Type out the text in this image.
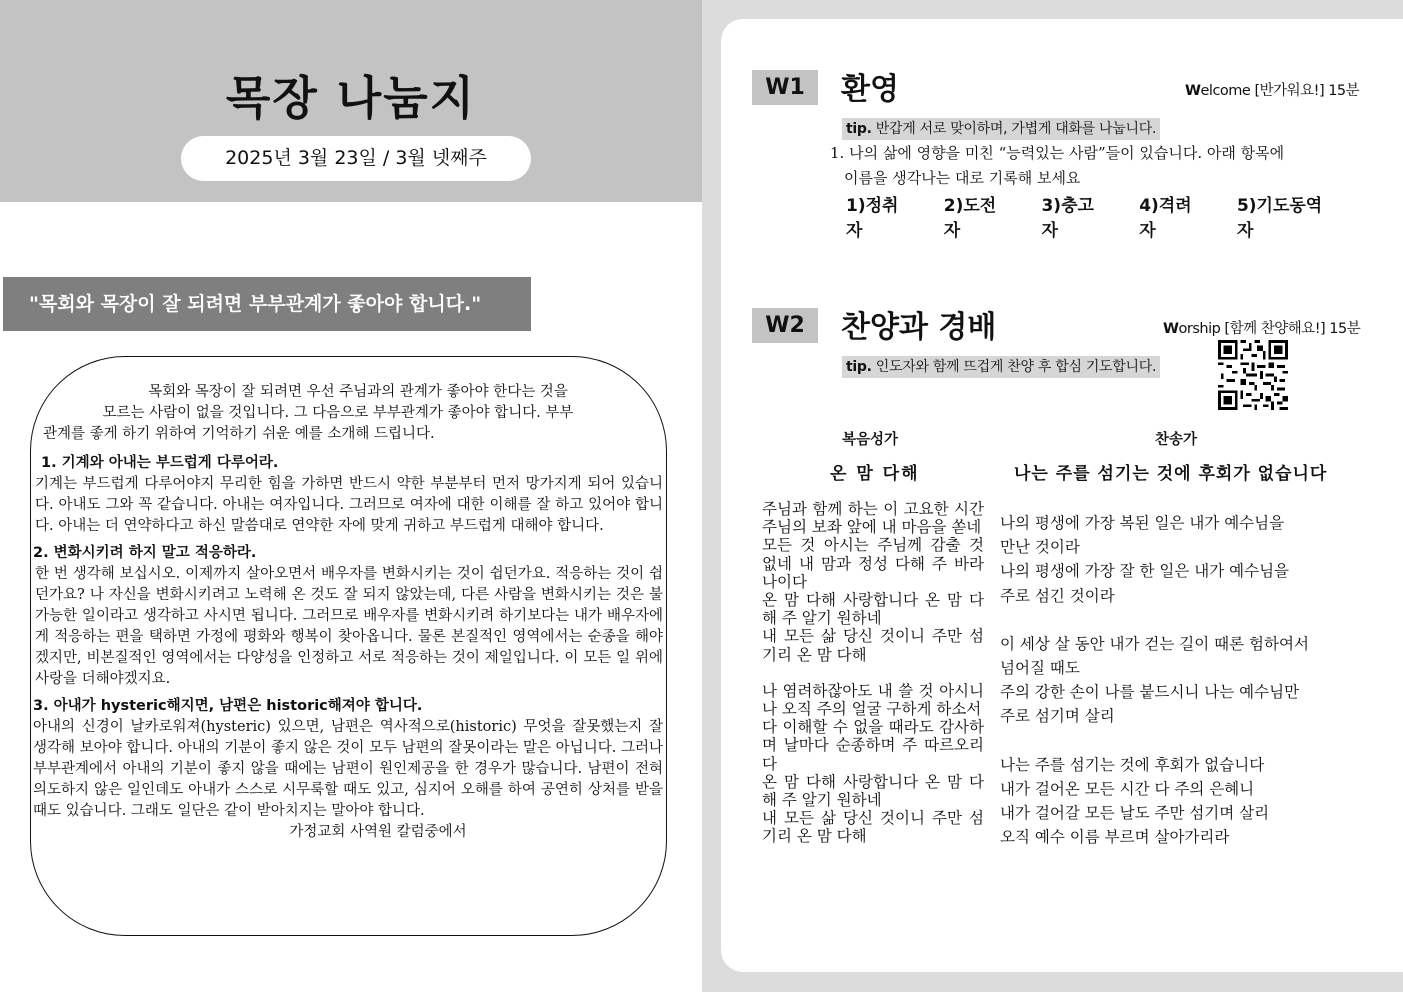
목장 나눔지
2025년 3월 23일 / 3월 넷째주
"목회와 목장이 잘 되려면 부부관계가 좋아야 합니다."
목회와 목장이 잘 되려면 우선 주님과의 관계가 좋아야 한다는 것을
모르는 사람이 없을 것입니다. 그 다음으로 부부관계가 좋아야 합니다. 부부
관계를 좋게 하기 위하여 기억하기 쉬운 예를 소개해 드립니다.
1. 기계와 아내는 부드럽게 다루어라.
기계는 부드럽게 다루어야지 무리한 힘을 가하면 반드시 약한 부분부터 먼저 망가지게 되어 있습니다. 아내도 그와 꼭 같습니다. 아내는 여자입니다. 그러므로 여자에 대한 이해를 잘 하고 있어야 합니다. 아내는 더 연약하다고 하신 말씀대로 연약한 자에 맞게 귀하고 부드럽게 대해야 합니다.
2. 변화시키려 하지 말고 적응하라.
한 번 생각해 보십시오. 이제까지 살아오면서 배우자를 변화시키는 것이 쉽던가요. 적응하는 것이 쉽던가요? 나 자신을 변화시키려고 노력해 온 것도 잘 되지 않았는데, 다른 사람을 변화시키는 것은 불가능한 일이라고 생각하고 사시면 됩니다. 그러므로 배우자를 변화시키려 하기보다는 내가 배우자에게 적응하는 편을 택하면 가정에 평화와 행복이 찾아옵니다. 물론 본질적인 영역에서는 순종을 해야겠지만, 비본질적인 영역에서는 다양성을 인정하고 서로 적응하는 것이 제일입니다. 이 모든 일 위에 사랑을 더해야겠지요.
3. 아내가 hysteric해지면, 남편은 historic해져야 합니다.
아내의 신경이 날카로워져(hysteric) 있으면, 남편은 역사적으로(historic) 무엇을 잘못했는지 잘 생각해 보아야 합니다. 아내의 기분이 좋지 않은 것이 모두 남편의 잘못이라는 말은 아닙니다. 그러나 부부관계에서 아내의 기분이 좋지 않을 때에는 남편이 원인제공을 한 경우가 많습니다. 남편이 전혀 의도하지 않은 일인데도 아내가 스스로 시무룩할 때도 있고, 심지어 오해를 하여 공연히 상처를 받을 때도 있습니다. 그래도 일단은 같이 받아치지는 말아야 합니다.
가정교회 사역원 칼럼중에서
W1	환영	Welcome [반가워요!] 15분
tip. 반갑게 서로 맞이하며, 가볍게 대화를 나눕니다.
1. 나의 삶에 영향을 미친 “능력있는 사람”들이 있습니다. 아래 항목에
이름을 생각나는 대로 기록해 보세요
1)정취자
2)도전자
3)충고자
4)격려자
5)기도동역자
W2	찬양과 경배	Worship [함께 찬양해요!] 15분
tip. 인도자와 함께 뜨겁게 찬양 후 합심 기도합니다.
복음성가
온 맘 다해
찬송가
나는 주를 섬기는 것에 후회가 없습니다

주님과 함께 하는 이 고요한 시간 주님의 보좌 앞에 내 마음을 쏟네
모든 것 아시는 주님께 감출 것 없네 내 맘과 정성 다해 주 바라나이다
온 맘 다해 사랑합니다 온 맘 다해 주 알기 원하네
내 모든 삶 당신 것이니 주만 섬기리 온 맘 다해

나 염려하잖아도 내 쓸 것 아시니 나 오직 주의 얼굴 구하게 하소서
다 이해할 수 없을 때라도 감사하며 날마다 순종하며 주 따르오리다
온 맘 다해 사랑합니다 온 맘 다해 주 알기 원하네
내 모든 삶 당신 것이니 주만 섬기리 온 맘 다해

나의 평생에 가장 복된 일은 내가 예수님을
만난 것이라
나의 평생에 가장 잘 한 일은 내가 예수님을
주로 섬긴 것이라

이 세상 살 동안 내가 걷는 길이 때론 험하여서
넘어질 때도
주의 강한 손이 나를 붙드시니 나는 예수님만
주로 섬기며 살리

나는 주를 섬기는 것에 후회가 없습니다
내가 걸어온 모든 시간 다 주의 은혜니
내가 걸어갈 모든 날도 주만 섬기며 살리
오직 예수 이름 부르며 살아가리라
